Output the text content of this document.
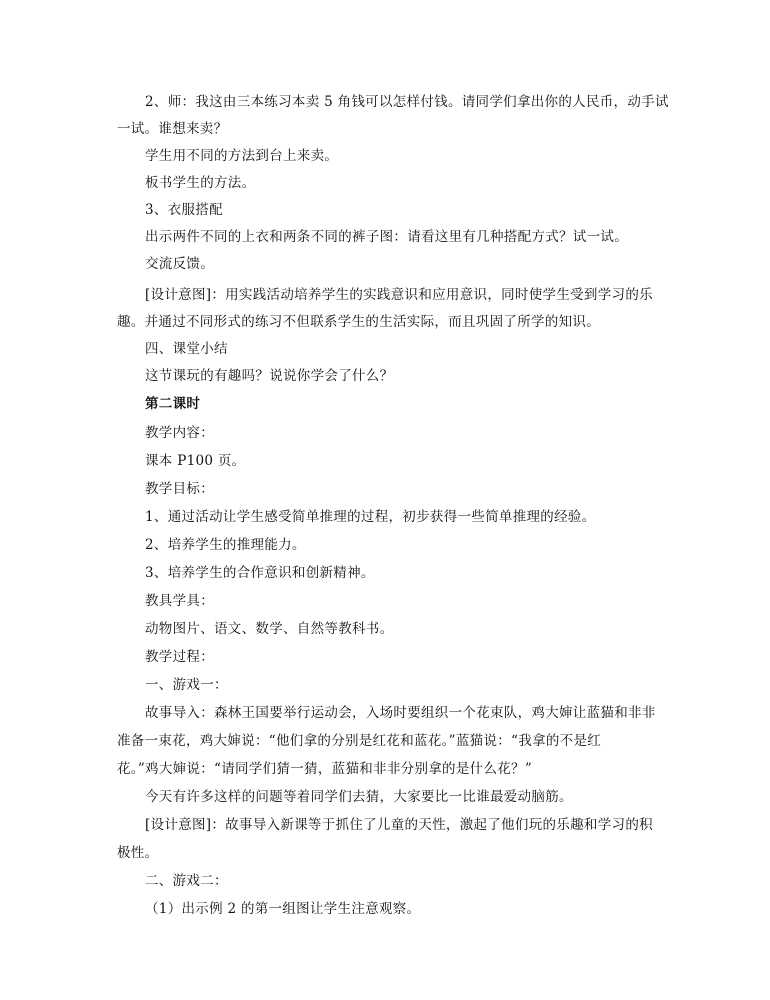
2、师：我这由三本练习本卖 5 角钱可以怎样付钱。请同学们拿出你的人民币，动手试
一试。谁想来卖？
学生用不同的方法到台上来卖。
板书学生的方法。
3、衣服搭配
出示两件不同的上衣和两条不同的裤子图：请看这里有几种搭配方式？试一试。
交流反馈。
[设计意图]：用实践活动培养学生的实践意识和应用意识，同时使学生受到学习的乐
趣。并通过不同形式的练习不但联系学生的生活实际，而且巩固了所学的知识。
四、课堂小结
这节课玩的有趣吗？说说你学会了什么？
第二课时
教学内容：
课本 P100 页。
教学目标：
1、通过活动让学生感受简单推理的过程，初步获得一些简单推理的经验。
2、培养学生的推理能力。
3、培养学生的合作意识和创新精神。
教具学具：
动物图片、语文、数学、自然等教科书。
教学过程：
一、游戏一：
故事导入：森林王国要举行运动会，入场时要组织一个花束队，鸡大婶让蓝猫和非非
准备一束花，鸡大婶说：“他们拿的分别是红花和蓝花。”蓝猫说：“我拿的不是红
花。”鸡大婶说：“请同学们猜一猜，蓝猫和非非分别拿的是什么花？”
今天有许多这样的问题等着同学们去猜，大家要比一比谁最爱动脑筋。
[设计意图]：故事导入新课等于抓住了儿童的天性，激起了他们玩的乐趣和学习的积
极性。
二、游戏二：
（1）出示例 2 的第一组图让学生注意观察。
